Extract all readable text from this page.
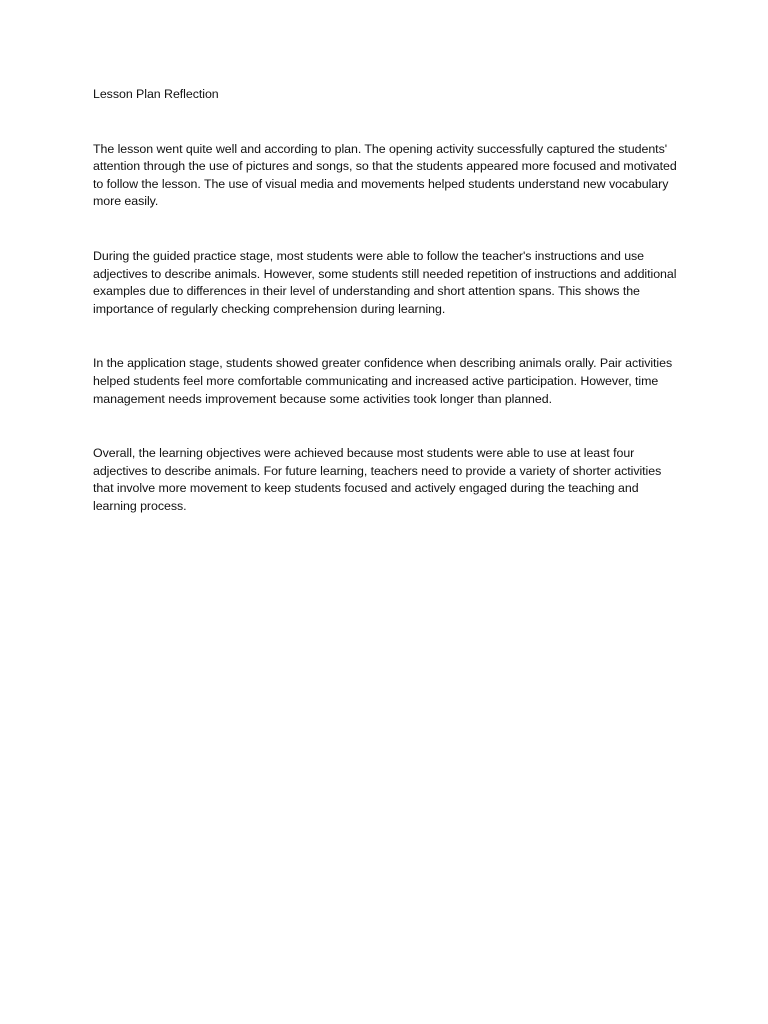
Lesson Plan Reflection

The lesson went quite well and according to plan. The opening activity successfully captured the students' attention through the use of pictures and songs, so that the students appeared more focused and motivated to follow the lesson. The use of visual media and movements helped students understand new vocabulary more easily.

During the guided practice stage, most students were able to follow the teacher's instructions and use adjectives to describe animals. However, some students still needed repetition of instructions and additional examples due to differences in their level of understanding and short attention spans. This shows the importance of regularly checking comprehension during learning.

In the application stage, students showed greater confidence when describing animals orally. Pair activities helped students feel more comfortable communicating and increased active participation. However, time management needs improvement because some activities took longer than planned.

Overall, the learning objectives were achieved because most students were able to use at least four adjectives to describe animals. For future learning, teachers need to provide a variety of shorter activities that involve more movement to keep students focused and actively engaged during the teaching and learning process.
